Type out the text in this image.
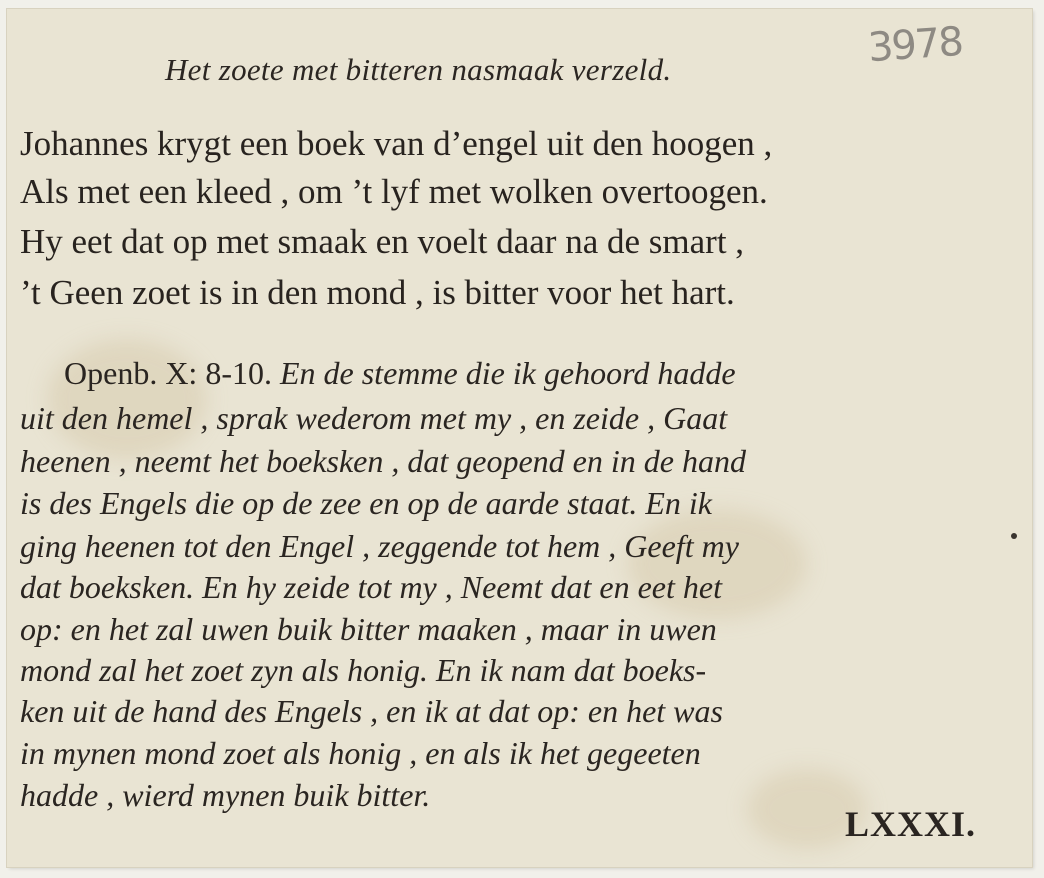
Het zoete met bitteren nasmaak verzeld.	3978
Johannes krygt een boek van d’engel uit den hoogen ,
Als met een kleed , om ’t lyf met wolken overtoogen.
Hy eet dat op met smaak en voelt daar na de smart ,
’t Geen zoet is in den mond , is bitter voor het hart.
Openb. X: 8-10. En de stemme die ik gehoord hadde
uit den hemel , sprak wederom met my , en zeide , Gaat
heenen , neemt het boeksken , dat geopend en in de hand
is des Engels die op de zee en op de aarde staat. En ik
ging heenen tot den Engel , zeggende tot hem , Geeft my
dat boeksken. En hy zeide tot my , Neemt dat en eet het
op: en het zal uwen buik bitter maaken , maar in uwen
mond zal het zoet zyn als honig. En ik nam dat boeks-
ken uit de hand des Engels , en ik at dat op: en het was
in mynen mond zoet als honig , en als ik het gegeeten
hadde , wierd mynen buik bitter.
LXXXI.
